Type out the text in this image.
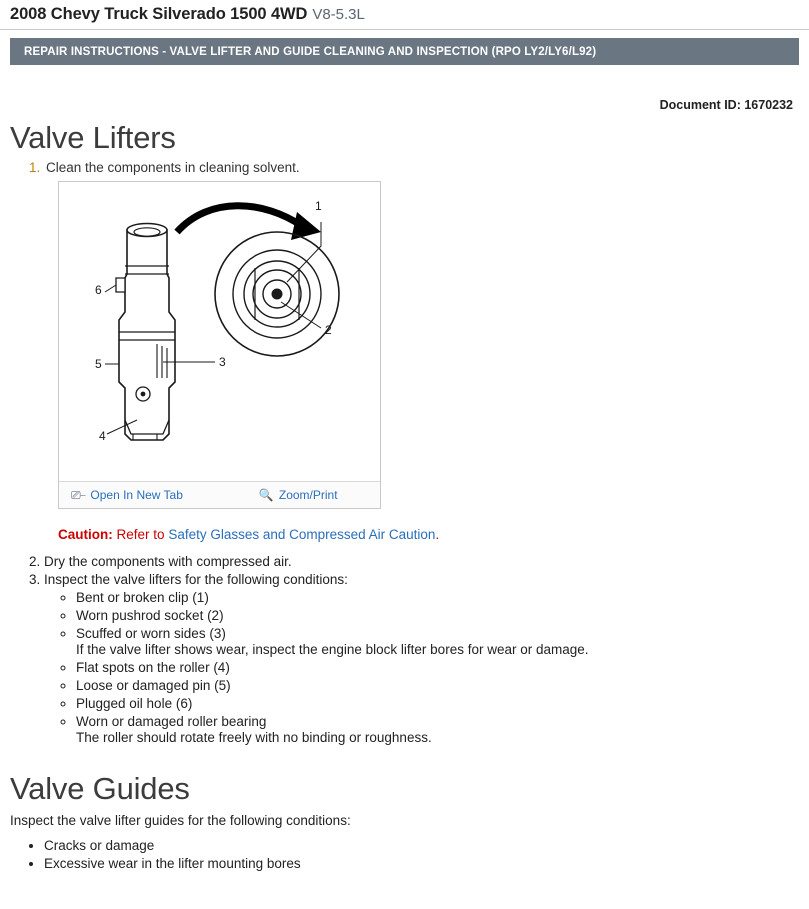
2008 Chevy Truck Silverado 1500 4WD V8-5.3L
REPAIR INSTRUCTIONS - VALVE LIFTER AND GUIDE CLEANING AND INSPECTION (RPO LY2/LY6/L92)
Document ID: 1670232
Valve Lifters
1. Clean the components in cleaning solvent.
1
2
3
4
5
6
⎚⎯ Open In New Tab	🔍 Zoom/Print
Caution: Refer to Safety Glasses and Compressed Air Caution.
2. Dry the components with compressed air.
3. Inspect the valve lifters for the following conditions:
◦ Bent or broken clip (1)
◦ Worn pushrod socket (2)
◦ Scuffed or worn sides (3)
If the valve lifter shows wear, inspect the engine block lifter bores for wear or damage.
◦ Flat spots on the roller (4)
◦ Loose or damaged pin (5)
◦ Plugged oil hole (6)
◦ Worn or damaged roller bearing
The roller should rotate freely with no binding or roughness.
Valve Guides

Inspect the valve lifter guides for the following conditions:

• Cracks or damage
• Excessive wear in the lifter mounting bores
